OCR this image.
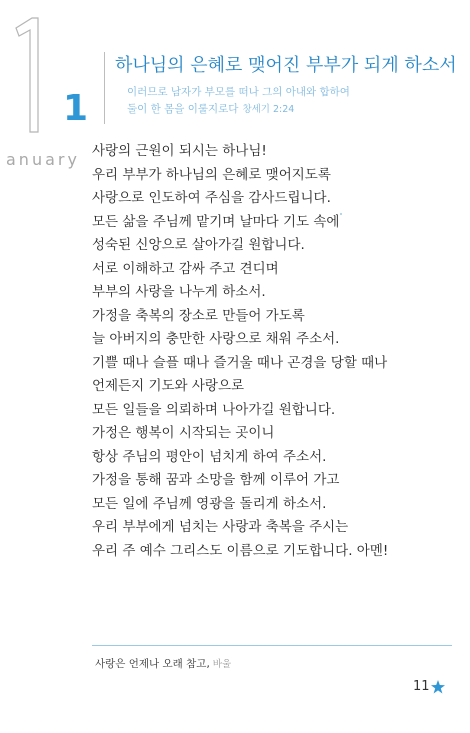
anuary
1
하나님의 은혜로 맺어진 부부가 되게 하소서
이러므로 남자가 부모를 떠나 그의 아내와 합하여
둘이 한 몸을 이룰지로다 창세기 2:24
사랑의 근원이 되시는 하나님!
우리 부부가 하나님의 은혜로 맺어지도록
사랑으로 인도하여 주심을 감사드립니다.
모든 삶을 주님께 맡기며 날마다 기도 속에
성숙된 신앙으로 살아가길 원합니다.
서로 이해하고 감싸 주고 견디며
부부의 사랑을 나누게 하소서.
가정을 축복의 장소로 만들어 가도록
늘 아버지의 충만한 사랑으로 채워 주소서.
기쁠 때나 슬플 때나 즐거울 때나 곤경을 당할 때나
언제든지 기도와 사랑으로
모든 일들을 의뢰하며 나아가길 원합니다.
가정은 행복이 시작되는 곳이니
항상 주님의 평안이 넘치게 하여 주소서.
가정을 통해 꿈과 소망을 함께 이루어 가고
모든 일에 주님께 영광을 돌리게 하소서.
우리 부부에게 넘치는 사랑과 축복을 주시는
우리 주 예수 그리스도 이름으로 기도합니다. 아멘!
사랑은 언제나 오래 참고, 바울
11
